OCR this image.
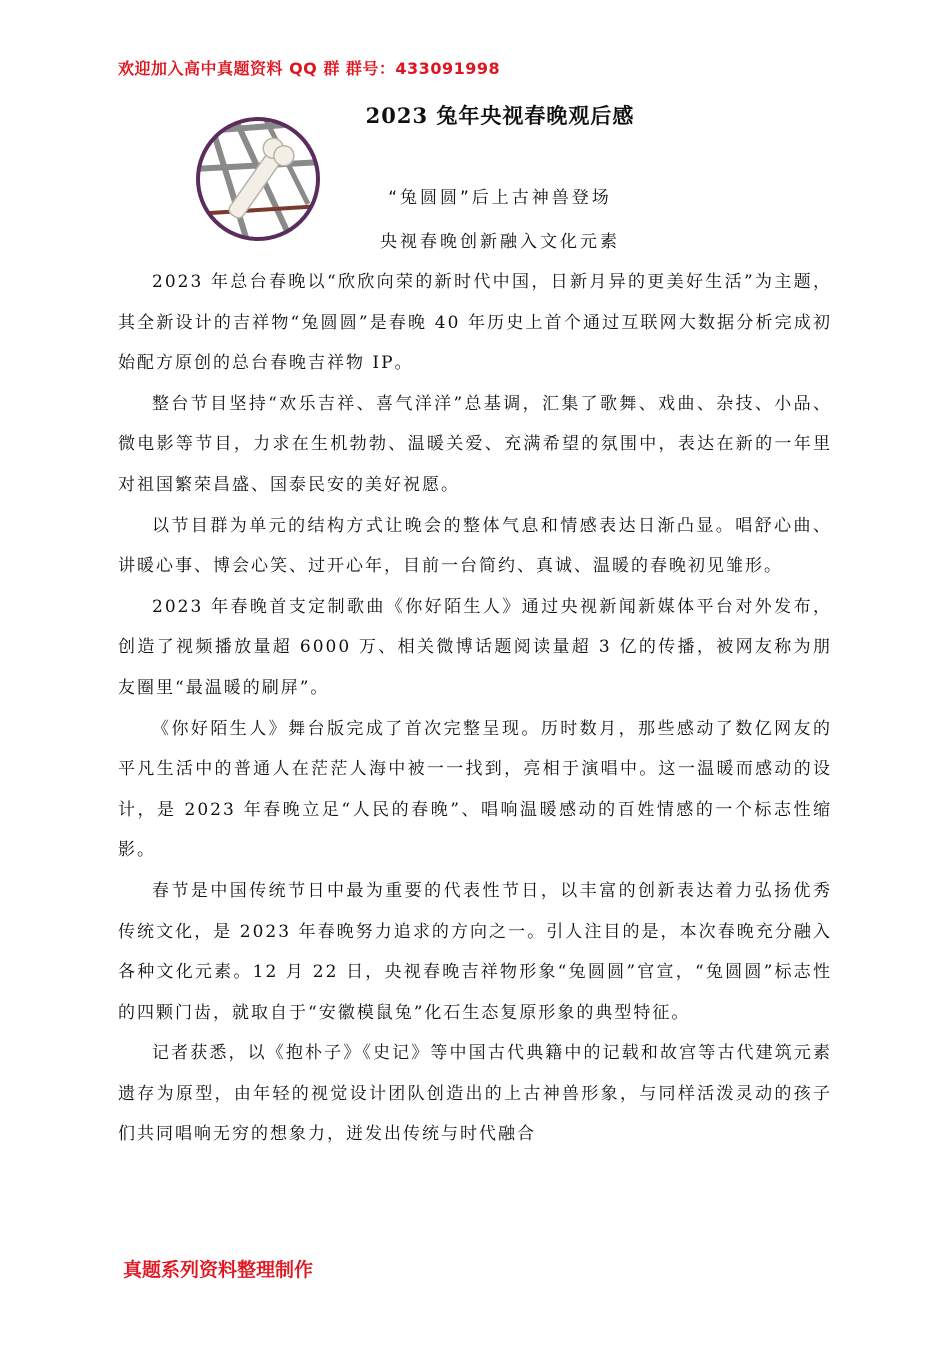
欢迎加入高中真题资料 QQ 群 群号：433091998
2023 兔年央视春晚观后感
“兔圆圆”后上古神兽登场
央视春晚创新融入文化元素

2023 年总台春晚以“欣欣向荣的新时代中国，日新月异的更美好生活”为主题，其全新设计的吉祥物“兔圆圆”是春晚 40 年历史上首个通过互联网大数据分析完成初始配方原创的总台春晚吉祥物 IP。

整台节目坚持“欢乐吉祥、喜气洋洋”总基调，汇集了歌舞、戏曲、杂技、小品、微电影等节目，力求在生机勃勃、温暖关爱、充满希望的氛围中，表达在新的一年里对祖国繁荣昌盛、国泰民安的美好祝愿。

以节目群为单元的结构方式让晚会的整体气息和情感表达日渐凸显。唱舒心曲、讲暖心事、博会心笑、过开心年，目前一台简约、真诚、温暖的春晚初见雏形。

2023 年春晚首支定制歌曲《你好陌生人》通过央视新闻新媒体平台对外发布，创造了视频播放量超 6000 万、相关微博话题阅读量超 3 亿的传播，被网友称为朋友圈里“最温暖的刷屏”。

《你好陌生人》舞台版完成了首次完整呈现。历时数月，那些感动了数亿网友的平凡生活中的普通人在茫茫人海中被一一找到，亮相于演唱中。这一温暖而感动的设计，是 2023 年春晚立足“人民的春晚”、唱响温暖感动的百姓情感的一个标志性缩影。

春节是中国传统节日中最为重要的代表性节日，以丰富的创新表达着力弘扬优秀传统文化，是 2023 年春晚努力追求的方向之一。引人注目的是，本次春晚充分融入各种文化元素。12 月 22 日，央视春晚吉祥物形象“兔圆圆”官宣，“兔圆圆”标志性的四颗门齿，就取自于“安徽模鼠兔”化石生态复原形象的典型特征。

记者获悉，以《抱朴子》《史记》等中国古代典籍中的记载和故宫等古代建筑元素遗存为原型，由年轻的视觉设计团队创造出的上古神兽形象，与同样活泼灵动的孩子们共同唱响无穷的想象力，迸发出传统与时代融合

真题系列资料整理制作
